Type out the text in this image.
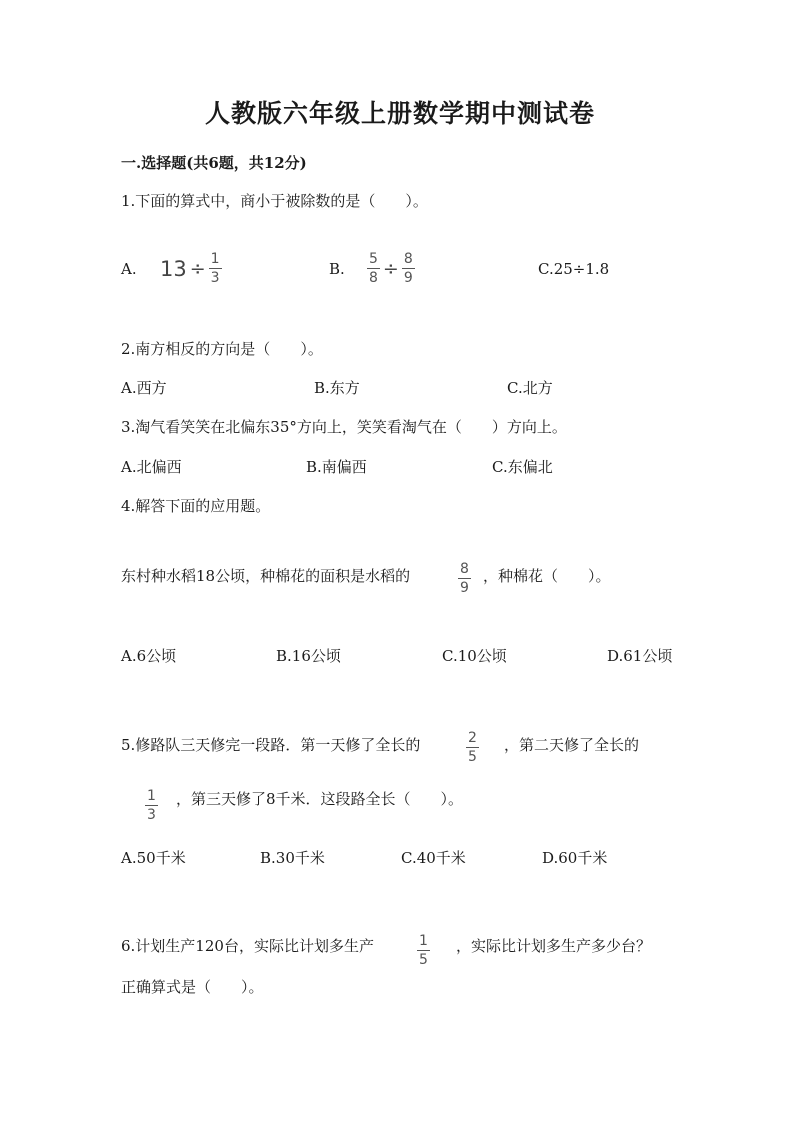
人教版六年级上册数学期中测试卷
一.选择题(共6题，共12分)
1.下面的算式中，商小于被除数的是（　　）。
A. $13 \div \frac{1}{3}$	B. $\frac{5}{8} \div \frac{8}{9}$	C.25÷1.8
2.南方相反的方向是（　　）。
A.西方	B.东方	C.北方
3.淘气看笑笑在北偏东35°方向上，笑笑看淘气在（　　）方向上。
A.北偏西	B.南偏西	C.东偏北
4.解答下面的应用题。
东村种水稻18公顷，种棉花的面积是水稻的	$\frac{8}{9}$ ，种棉花（　　）。
A.6公顷	B.16公顷	C.10公顷	D.61公顷
5.修路队三天修完一段路．第一天修了全长的	$\frac{2}{5}$ ，第二天修了全长的
$\frac{1}{3}$ ，第三天修了8千米．这段路全长（　　）。
A.50千米	B.30千米	C.40千米	D.60千米
6.计划生产120台，实际比计划多生产	$\frac{1}{5}$ ，实际比计划多生产多少台？
正确算式是（　　）。
